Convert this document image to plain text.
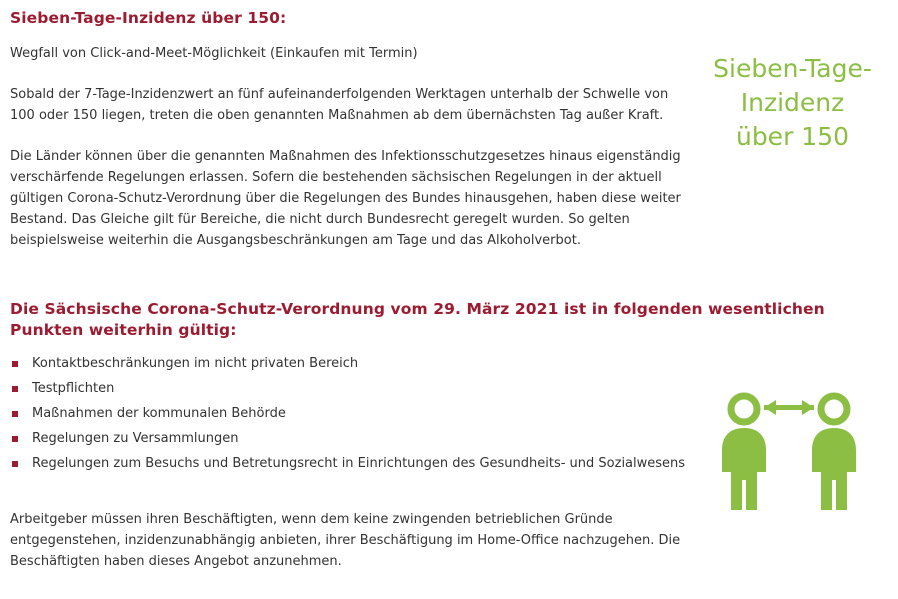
Sieben-Tage-Inzidenz über 150:

Wegfall von Click-and-Meet-Möglichkeit (Einkaufen mit Termin)

Sobald der 7-Tage-Inzidenzwert an fünf aufeinanderfolgenden Werktagen unterhalb der Schwelle von 100 oder 150 liegen, treten die oben genannten Maßnahmen ab dem übernächsten Tag außer Kraft.

Die Länder können über die genannten Maßnahmen des Infektionsschutzgesetzes hinaus eigenständig verschärfende Regelungen erlassen. Sofern die bestehenden sächsischen Regelungen in der aktuell gültigen Corona-Schutz-Verordnung über die Regelungen des Bundes hinausgehen, haben diese weiter Bestand. Das Gleiche gilt für Bereiche, die nicht durch Bundesrecht geregelt wurden. So gelten beispielsweise weiterhin die Ausgangsbeschränkungen am Tage und das Alkoholverbot.

Die Sächsische Corona-Schutz-Verordnung vom 29. März 2021 ist in folgenden wesentlichen Punkten weiterhin gültig:
Kontaktbeschränkungen im nicht privaten Bereich
Testpflichten
Maßnahmen der kommunalen Behörde
Regelungen zu Versammlungen
Regelungen zum Besuchs und Betretungsrecht in Einrichtungen des Gesundheits- und Sozialwesens

Arbeitgeber müssen ihren Beschäftigten, wenn dem keine zwingenden betrieblichen Gründe entgegenstehen, inzidenzunabhängig anbieten, ihrer Beschäftigung im Home-Office nachzugehen. Die Beschäftigten haben dieses Angebot anzunehmen.

Sieben-Tage-
Inzidenz
über 150
